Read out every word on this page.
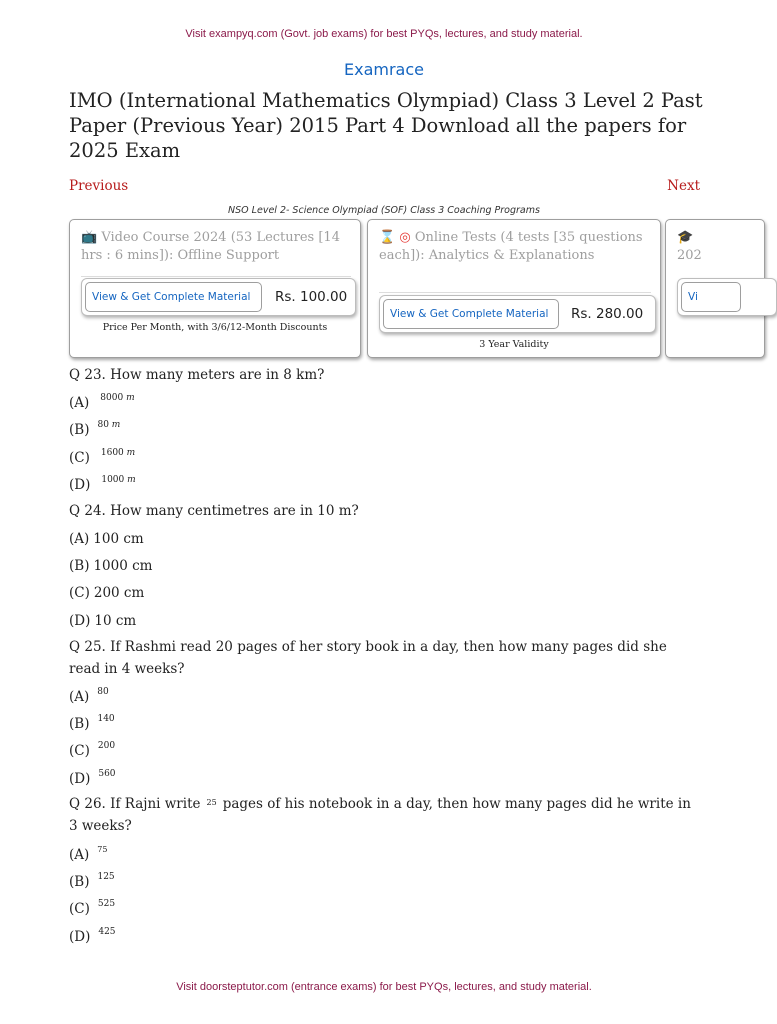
Visit exampyq.com (Govt. job exams) for best PYQs, lectures, and study material.
Examrace
IMO (International Mathematics Olympiad) Class 3 Level 2 Past Paper (Previous Year) 2015 Part 4 Download all the papers for 2025 Exam
Previous	Next
NSO Level 2- Science Olympiad (SOF) Class 3 Coaching Programs
📺 Video Course 2024 (53 Lectures [14 hrs : 6 mins]): Offline Support
View & Get Complete Material	Rs. 100.00
Price Per Month, with 3/6/12-Month Discounts
⌛ ◎ Online Tests (4 tests [35 questions each]): Analytics & Explanations
View & Get Complete Material	Rs. 280.00
3 Year Validity
🎓
202
Vi
Q 23. How many meters are in 8 km?
(A) 8000 m
(B) 80 m
(C) 1600 m
(D) 1000 m
Q 24. How many centimetres are in 10 m?
(A) 100 cm
(B) 1000 cm
(C) 200 cm
(D) 10 cm
Q 25. If Rashmi read 20 pages of her story book in a day, then how many pages did she read in 4 weeks?
(A) 80
(B) 140
(C) 200
(D) 560
Q 26. If Rajni write $^{25}$ pages of his notebook in a day, then how many pages did he write in 3 weeks?
(A) 75
(B) 125
(C) 525
(D) 425
Visit doorsteptutor.com (entrance exams) for best PYQs, lectures, and study material.
